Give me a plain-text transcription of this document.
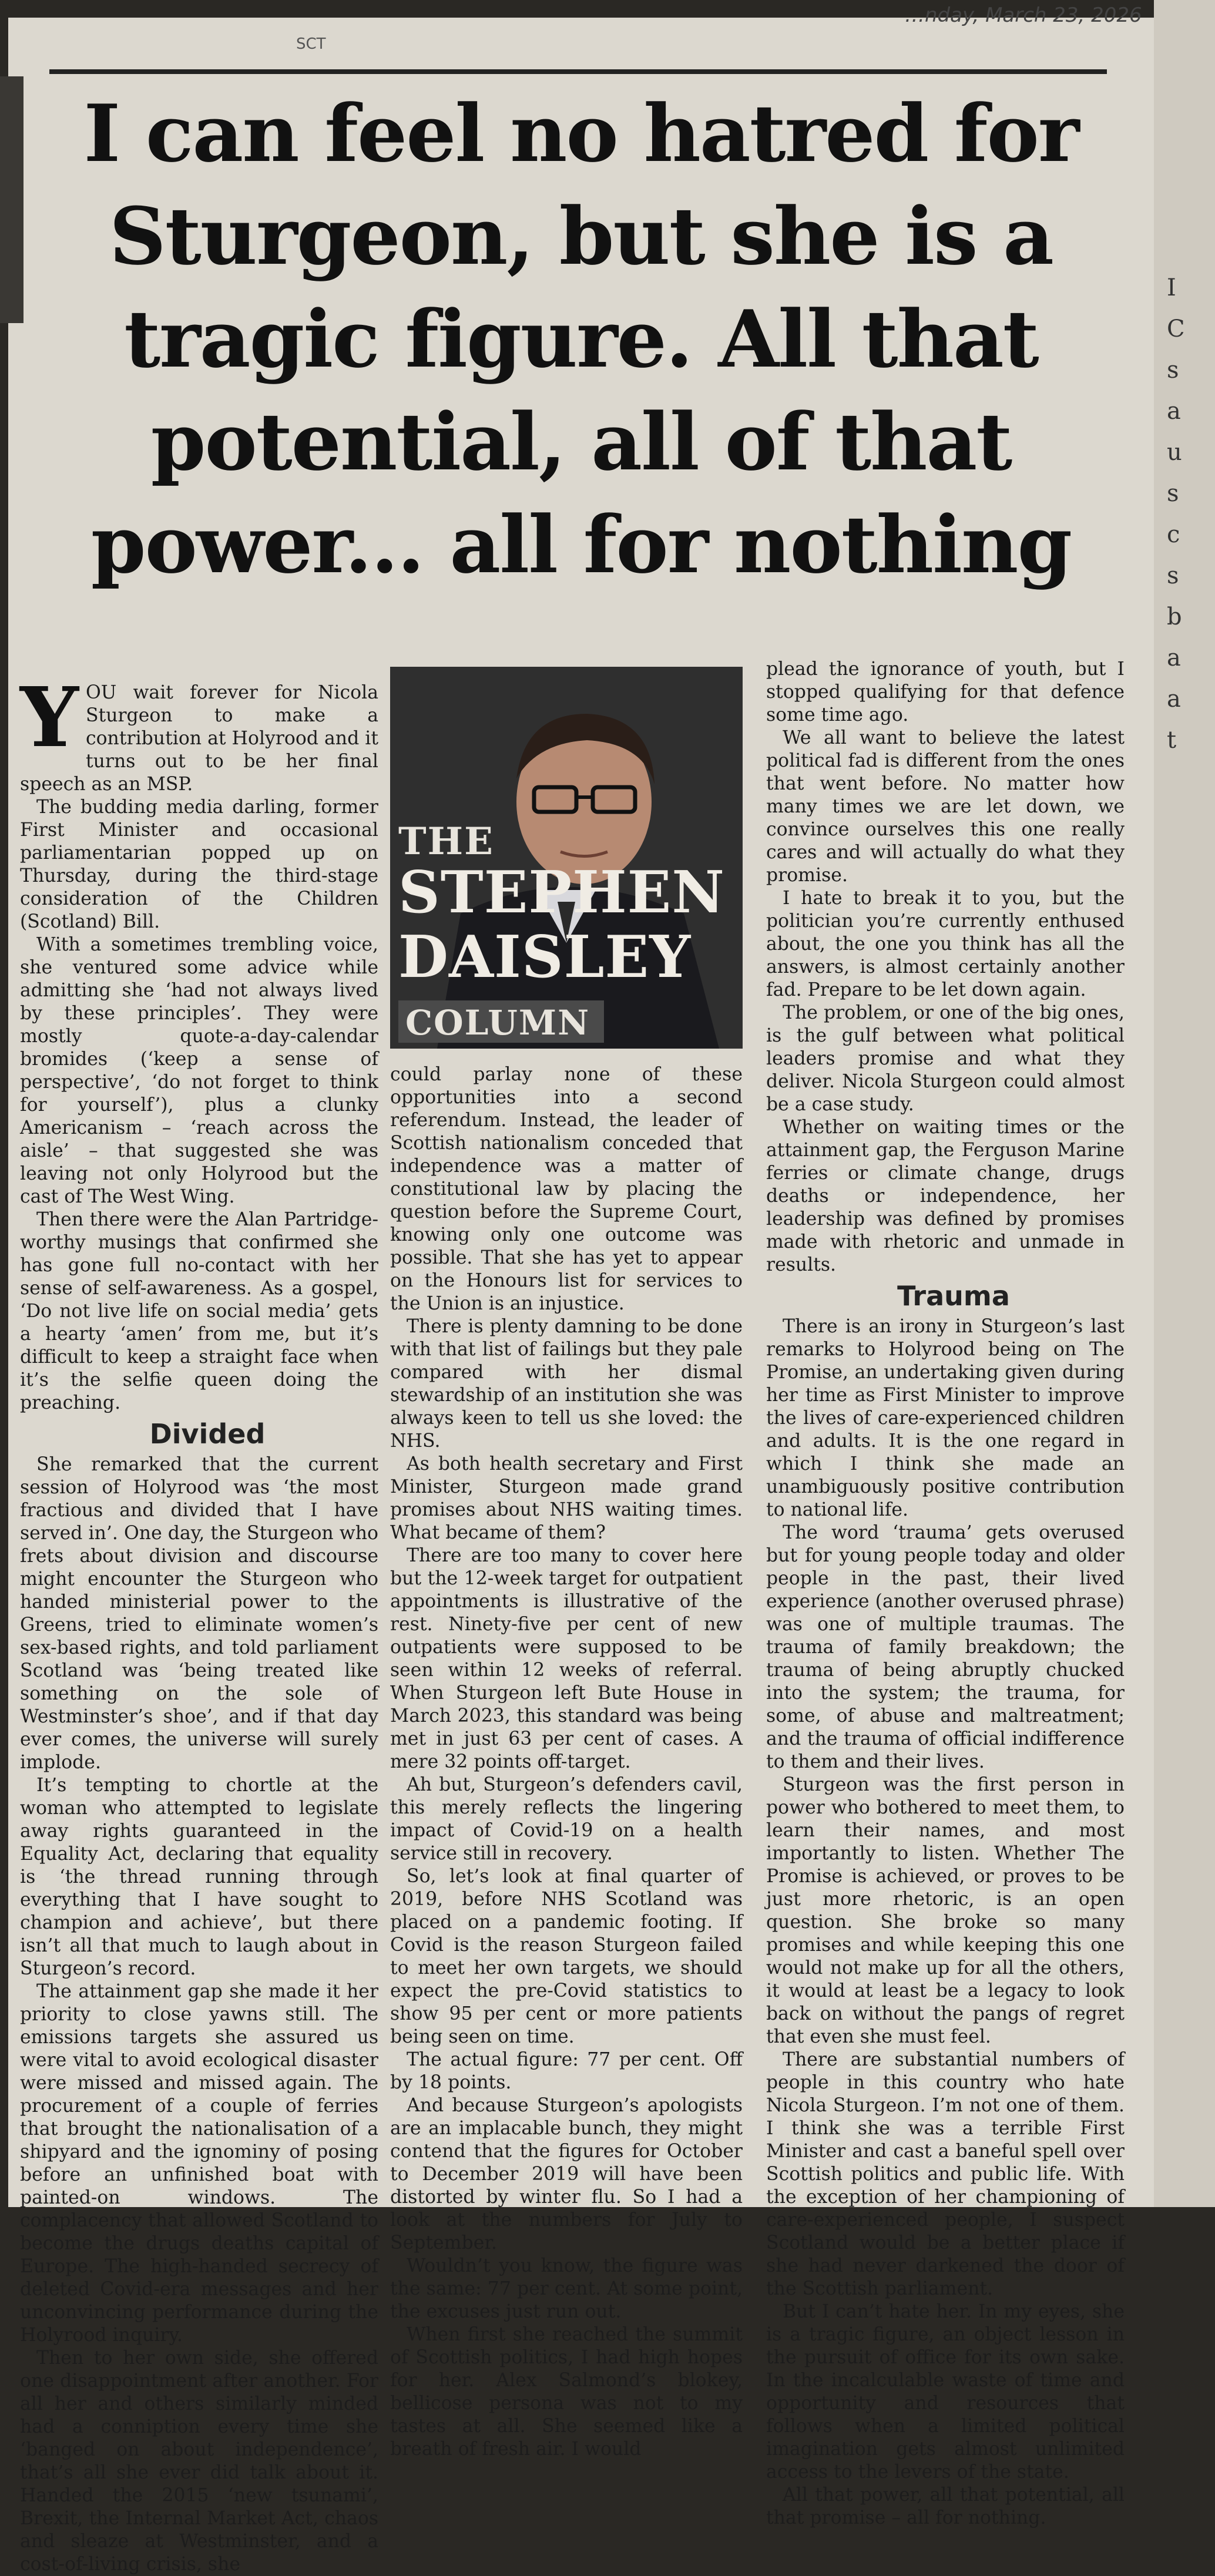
SCT
I can feel no hatred for
Sturgeon, but she is a
tragic figure. All that
potential, all of that
power... all for nothing

YOU wait forever for Nicola Sturgeon to make a contribution at Holyrood and it turns out to be her final speech as an MSP.

The budding media darling, former First Minister and occasional parliamentarian popped up on Thursday, during the third-stage consideration of the Children (Scotland) Bill.

With a sometimes trembling voice, she ventured some advice while admitting she ‘had not always lived by these principles’. They were mostly quote-a-day-calendar bromides (‘keep a sense of perspective’, ‘do not forget to think for yourself’), plus a clunky Americanism – ‘reach across the aisle’ – that suggested she was leaving not only Holyrood but the cast of The West Wing.

Then there were the Alan Partridge-worthy musings that confirmed she has gone full no-contact with her sense of self-awareness. As a gospel, ‘Do not live life on social media’ gets a hearty ‘amen’ from me, but it’s difficult to keep a straight face when it’s the selfie queen doing the preaching.

Divided

She remarked that the current session of Holyrood was ‘the most fractious and divided that I have served in’. One day, the Sturgeon who frets about division and discourse might encounter the Sturgeon who handed ministerial power to the Greens, tried to eliminate women’s sex-based rights, and told parliament Scotland was ‘being treated like something on the sole of Westminster’s shoe’, and if that day ever comes, the universe will surely implode.

It’s tempting to chortle at the woman who attempted to legislate away rights guaranteed in the Equality Act, declaring that equality is ‘the thread running through everything that I have sought to champion and achieve’, but there isn’t all that much to laugh about in Sturgeon’s record.

The attainment gap she made it her priority to close yawns still. The emissions targets she assured us were vital to avoid ecological disaster were missed and missed again. The procurement of a couple of ferries that brought the nationalisation of a shipyard and the ignominy of posing before an unfinished boat with painted-on windows. The complacency that allowed Scotland to become the drugs deaths capital of Europe. The high-handed secrecy of deleted Covid-era messages and her unconvincing performance during the Holyrood inquiry.

Then to her own side, she offered one disappointment after another. For all her and others similarly minded had a conniption every time she ‘banged on about independence’, that’s all she ever did talk about it. Handed the 2015 ‘new tsunami’, Brexit, the Internal Market Act, chaos and sleaze at Westminster, and a cost-of-living crisis, she

THE
STEPHEN
DAISLEY
COLUMN

could parlay none of these opportunities into a second referendum. Instead, the leader of Scottish nationalism conceded that independence was a matter of constitutional law by placing the question before the Supreme Court, knowing only one outcome was possible. That she has yet to appear on the Honours list for services to the Union is an injustice.

There is plenty damning to be done with that list of failings but they pale compared with her dismal stewardship of an institution she was always keen to tell us she loved: the NHS.

As both health secretary and First Minister, Sturgeon made grand promises about NHS waiting times. What became of them?

There are too many to cover here but the 12-week target for outpatient appointments is illustrative of the rest. Ninety-five per cent of new outpatients were supposed to be seen within 12 weeks of referral. When Sturgeon left Bute House in March 2023, this standard was being met in just 63 per cent of cases. A mere 32 points off-target.

Ah but, Sturgeon’s defenders cavil, this merely reflects the lingering impact of Covid-19 on a health service still in recovery.

So, let’s look at final quarter of 2019, before NHS Scotland was placed on a pandemic footing. If Covid is the reason Sturgeon failed to meet her own targets, we should expect the pre-Covid statistics to show 95 per cent or more patients being seen on time.

The actual figure: 77 per cent. Off by 18 points.

And because Sturgeon’s apologists are an implacable bunch, they might contend that the figures for October to December 2019 will have been distorted by winter flu. So I had a look at the numbers for July to September.

Wouldn’t you know, the figure was the same: 77 per cent. At some point, the excuses just run out.

When first she reached the summit of Scottish politics, I had high hopes for her. Alex Salmond’s blokey, bellicose persona was not to my tastes at all. She seemed like a breath of fresh air. I would

plead the ignorance of youth, but I stopped qualifying for that defence some time ago.

We all want to believe the latest political fad is different from the ones that went before. No matter how many times we are let down, we convince ourselves this one really cares and will actually do what they promise.

I hate to break it to you, but the politician you’re currently enthused about, the one you think has all the answers, is almost certainly another fad. Prepare to be let down again.

The problem, or one of the big ones, is the gulf between what political leaders promise and what they deliver. Nicola Sturgeon could almost be a case study.

Whether on waiting times or the attainment gap, the Ferguson Marine ferries or climate change, drugs deaths or independence, her leadership was defined by promises made with rhetoric and unmade in results.

Trauma

There is an irony in Sturgeon’s last remarks to Holyrood being on The Promise, an undertaking given during her time as First Minister to improve the lives of care-experienced children and adults. It is the one regard in which I think she made an unambiguously positive contribution to national life.

The word ‘trauma’ gets overused but for young people today and older people in the past, their lived experience (another overused phrase) was one of multiple traumas. The trauma of family breakdown; the trauma of being abruptly chucked into the system; the trauma, for some, of abuse and maltreatment; and the trauma of official indifference to them and their lives.

Sturgeon was the first person in power who bothered to meet them, to learn their names, and most importantly to listen. Whether The Promise is achieved, or proves to be just more rhetoric, is an open question. She broke so many promises and while keeping this one would not make up for all the others, it would at least be a legacy to look back on without the pangs of regret that even she must feel.

There are substantial numbers of people in this country who hate Nicola Sturgeon. I’m not one of them. I think she was a terrible First Minister and cast a baneful spell over Scottish politics and public life. With the exception of her championing of care-experienced people, I suspect Scotland would be a better place if she had never darkened the door of the Scottish parliament.

But I can’t hate her. In my eyes, she is a tragic figure, an object lesson in the pursuit of office for its own sake. In the incalculable waste of time and opportunity and resources that follows when a limited political imagination gets almost unlimited access to the levers of the state.

All that power, all that potential, all that promise – all for nothing.

…nday, March 23, 2026
I
C
s
a
u
s
c
s
b
a
a
t
